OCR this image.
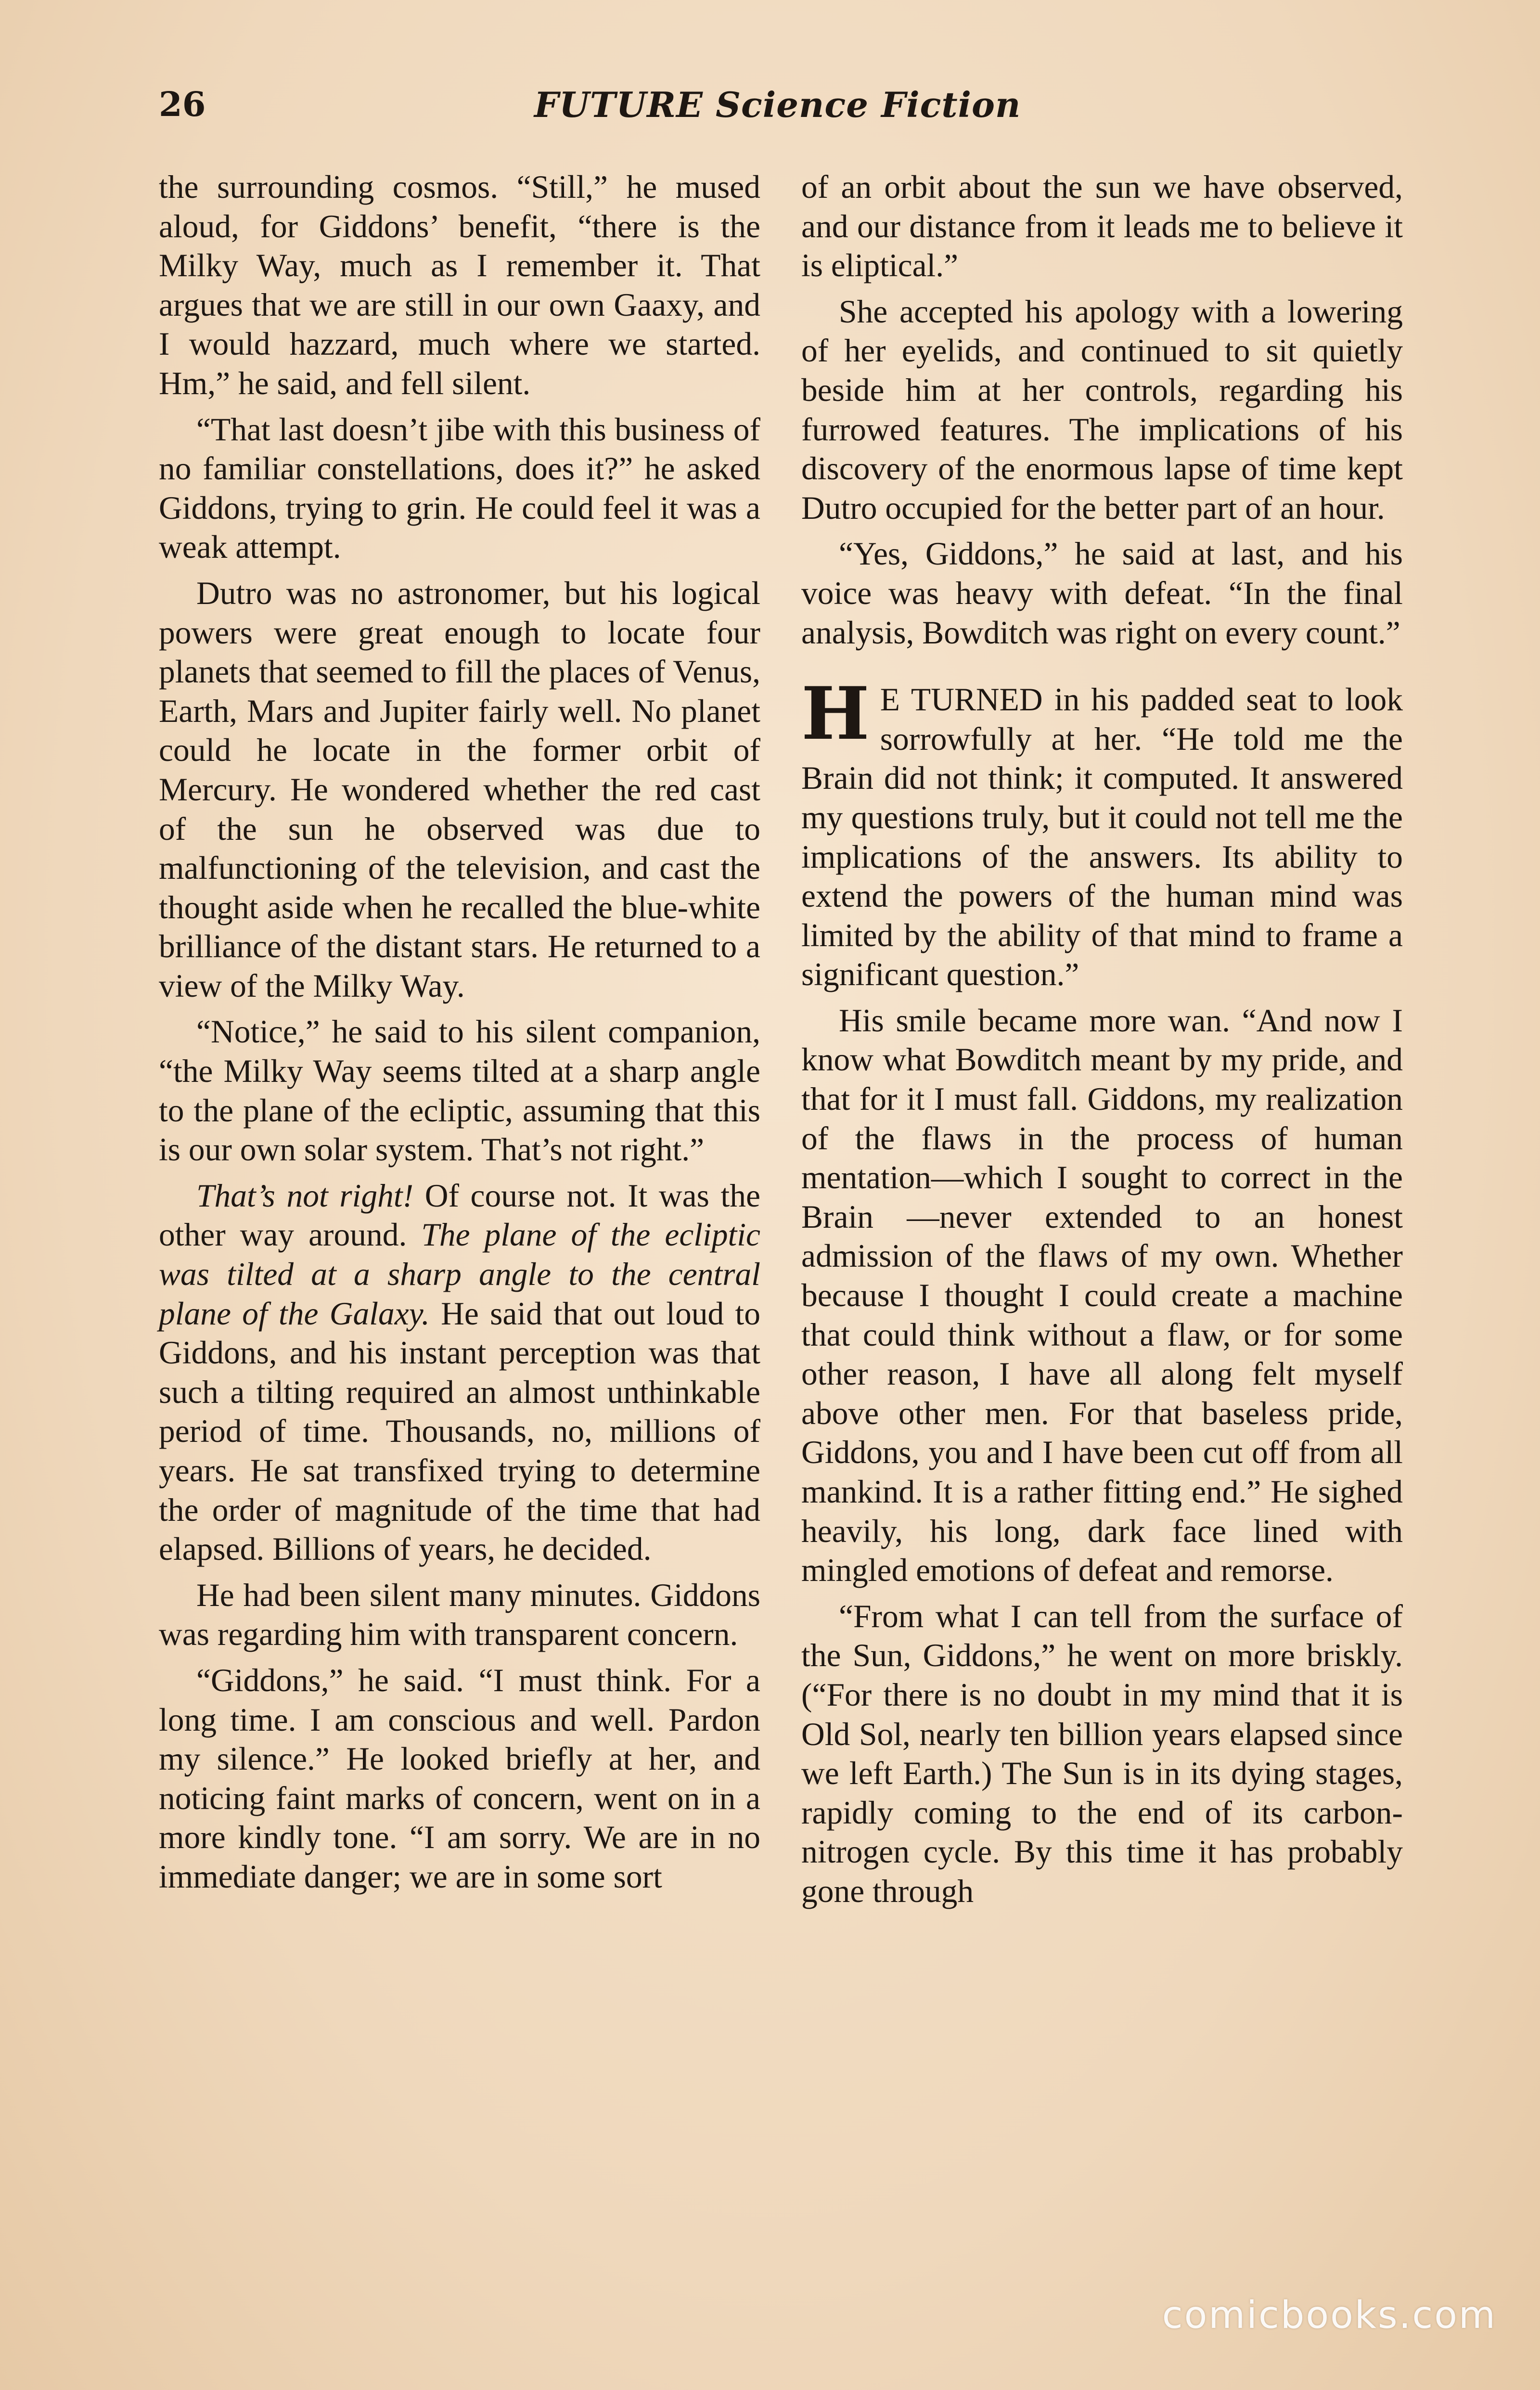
26	FUTURE Science Fiction

the surrounding cosmos. “Still,” he mused aloud, for Giddons’ benefit, “there is the Milky Way, much as I remember it. That argues that we are still in our own Gaaxy, and I would hazzard, much where we started. Hm,” he said, and fell silent.

“That last doesn’t jibe with this business of no familiar constellations, does it?” he asked Giddons, trying to grin. He could feel it was a weak attempt.

Dutro was no astronomer, but his logical powers were great enough to locate four planets that seemed to fill the places of Venus, Earth, Mars and Jupiter fairly well. No planet could he locate in the former orbit of Mercury. He wondered whether the red cast of the sun he observed was due to malfunctioning of the television, and cast the thought aside when he recalled the blue-white brilliance of the distant stars. He returned to a view of the Milky Way.

“Notice,” he said to his silent companion, “the Milky Way seems tilted at a sharp angle to the plane of the ecliptic, assuming that this is our own solar system. That’s not right.”

That’s not right! Of course not. It was the other way around. The plane of the ecliptic was tilted at a sharp angle to the central plane of the Galaxy. He said that out loud to Giddons, and his instant perception was that such a tilting required an almost unthinkable period of time. Thousands, no, millions of years. He sat transfixed trying to determine the order of magnitude of the time that had elapsed. Billions of years, he decided.

He had been silent many minutes. Giddons was regarding him with transparent concern.

“Giddons,” he said. “I must think. For a long time. I am conscious and well. Pardon my silence.” He looked briefly at her, and noticing faint marks of concern, went on in a more kindly tone. “I am sorry. We are in no immediate danger; we are in some sort

of an orbit about the sun we have observed, and our distance from it leads me to believe it is eliptical.”

She accepted his apology with a lowering of her eyelids, and continued to sit quietly beside him at her controls, regarding his furrowed features. The implications of his discovery of the enormous lapse of time kept Dutro occupied for the better part of an hour.

“Yes, Giddons,” he said at last, and his voice was heavy with defeat. “In the final analysis, Bowditch was right on every count.”

H E TURNED in his padded seat to look sorrowfully at her. “He told me the Brain did not think; it computed. It answered my questions truly, but it could not tell me the implications of the answers. Its ability to extend the powers of the human mind was limited by the ability of that mind to frame a significant question.”

His smile became more wan. “And now I know what Bowditch meant by my pride, and that for it I must fall. Giddons, my realization of the flaws in the process of human mentation—which I sought to correct in the Brain —never extended to an honest admission of the flaws of my own. Whether because I thought I could create a machine that could think without a flaw, or for some other reason, I have all along felt myself above other men. For that baseless pride, Giddons, you and I have been cut off from all mankind. It is a rather fitting end.” He sighed heavily, his long, dark face lined with mingled emotions of defeat and remorse.

“From what I can tell from the surface of the Sun, Giddons,” he went on more briskly. (“For there is no doubt in my mind that it is Old Sol, nearly ten billion years elapsed since we left Earth.) The Sun is in its dying stages, rapidly coming to the end of its carbon-nitrogen cycle. By this time it has probably gone through

comicbooks.com
